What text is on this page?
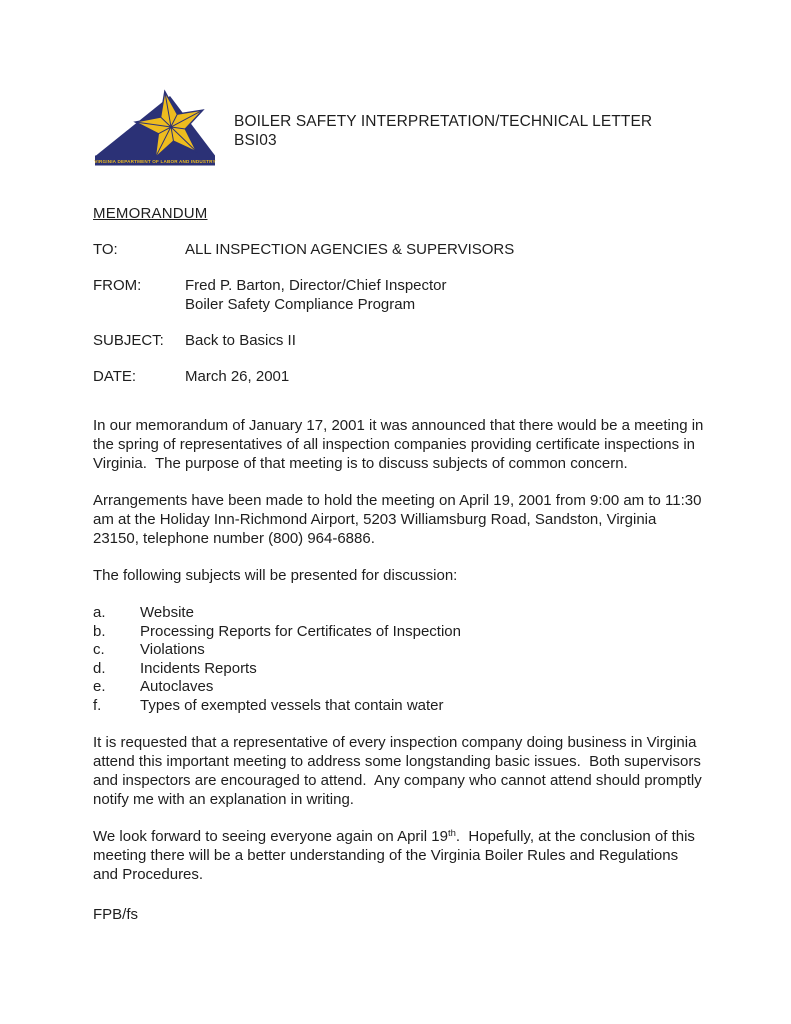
VIRGINIA DEPARTMENT OF LABOR AND INDUSTRY
BOILER SAFETY INTERPRETATION/TECHNICAL LETTER
BSI03
MEMORANDUM
TO:	ALL INSPECTION AGENCIES & SUPERVISORS
FROM:	Fred P. Barton, Director/Chief Inspector
Boiler Safety Compliance Program
SUBJECT:	Back to Basics II
DATE:	March 26, 2001

In our memorandum of January 17, 2001 it was announced that there would be a meeting in the spring of representatives of all inspection companies providing certificate inspections in Virginia.  The purpose of that meeting is to discuss subjects of common concern.

Arrangements have been made to hold the meeting on April 19, 2001 from 9:00 am to 11:30 am at the Holiday Inn-Richmond Airport, 5203 Williamsburg Road, Sandston, Virginia 23150, telephone number (800) 964-6886.

The following subjects will be presented for discussion:

a.	Website
b.	Processing Reports for Certificates of Inspection
c.	Violations
d.	Incidents Reports
e.	Autoclaves
f.	Types of exempted vessels that contain water

It is requested that a representative of every inspection company doing business in Virginia attend this important meeting to address some longstanding basic issues.  Both supervisors and inspectors are encouraged to attend.  Any company who cannot attend should promptly notify me with an explanation in writing.

We look forward to seeing everyone again on April 19th.  Hopefully, at the conclusion of this meeting there will be a better understanding of the Virginia Boiler Rules and Regulations and Procedures.

FPB/fs
